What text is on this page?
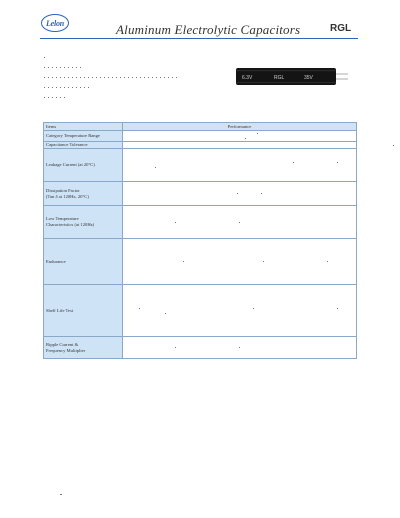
Lelon	Aluminum Electrolytic Capacitors	RGL
6.3V	RGL	35V
Items	Performance

Category Temperature Range	

Capacitance Tolerance	

Leakage Current (at 20°C)	

Dissipation Factor
(Tan δ at 120Hz, 20°C)	

Low Temperature
Characteristics (at 120Hz)	

Endurance	

Shelf Life Test	

Ripple Current &
Frequency Multiplier	
